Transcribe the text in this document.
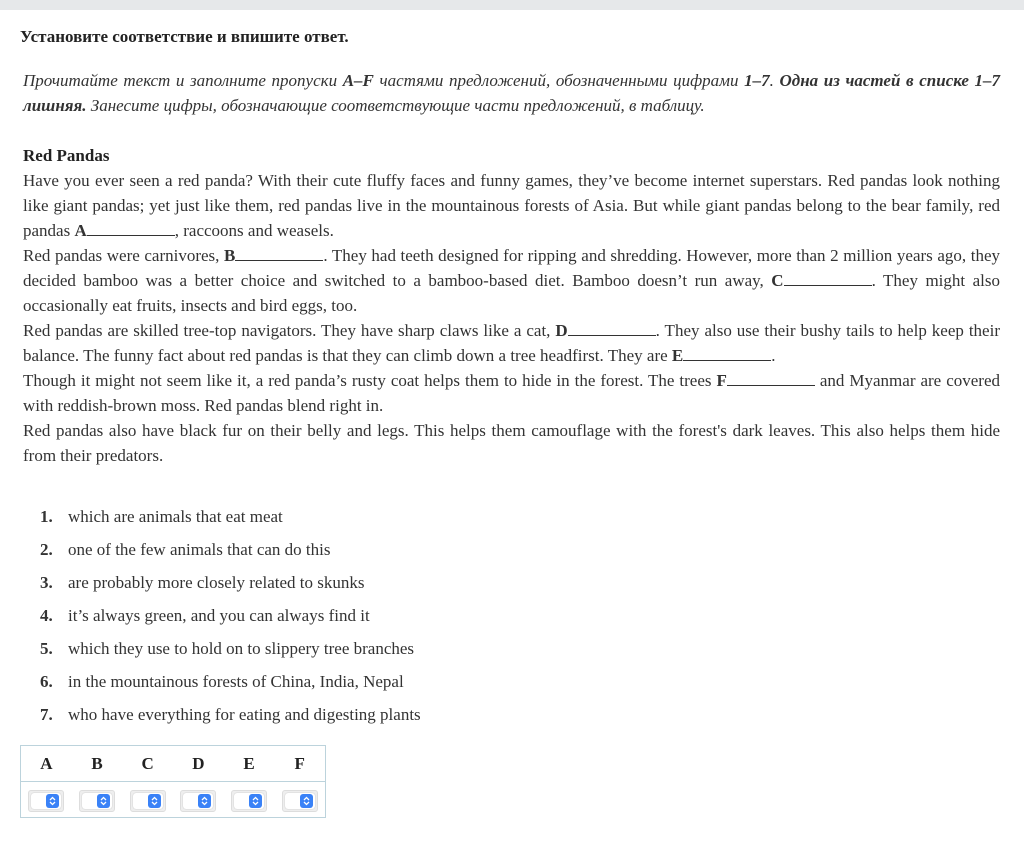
Установите соответствие и впишите ответ.
Прочитайте текст и заполните пропуски A–F частями предложений, обозначенными цифрами 1–7. Одна из частей в списке 1–7 лишняя. Занесите цифры, обозначающие соответствующие части предложений, в таблицу.

Red Pandas

Have you ever seen a red panda? With their cute fluffy faces and funny games, they’ve become internet superstars. Red pandas look nothing like giant pandas; yet just like them, red pandas live in the mountainous forests of Asia. But while giant pandas belong to the bear family, red pandas A	, raccoons and weasels.

Red pandas were carnivores, B	. They had teeth designed for ripping and shredding. However, more than 2 million years ago, they decided bamboo was a better choice and switched to a bamboo-based diet. Bamboo doesn’t run away, C	. They might also occasionally eat fruits, insects and bird eggs, too.

Red pandas are skilled tree-top navigators. They have sharp claws like a cat, D	. They also use their bushy tails to help keep their balance. The funny fact about red pandas is that they can climb down a tree headfirst. They are E	.

Though it might not seem like it, a red panda’s rusty coat helps them to hide in the forest. The trees F	and Myanmar are covered with reddish-brown moss. Red pandas blend right in.

Red pandas also have black fur on their belly and legs. This helps them camouflage with the forest's dark leaves. This also helps them hide from their predators.

1. which are animals that eat meat
2. one of the few animals that can do this
3. are probably more closely related to skunks
4. it’s always green, and you can always find it
5. which they use to hold on to slippery tree branches
6. in the mountainous forests of China, India, Nepal
7. who have everything for eating and digesting plants
A	B	C	D	E	F
